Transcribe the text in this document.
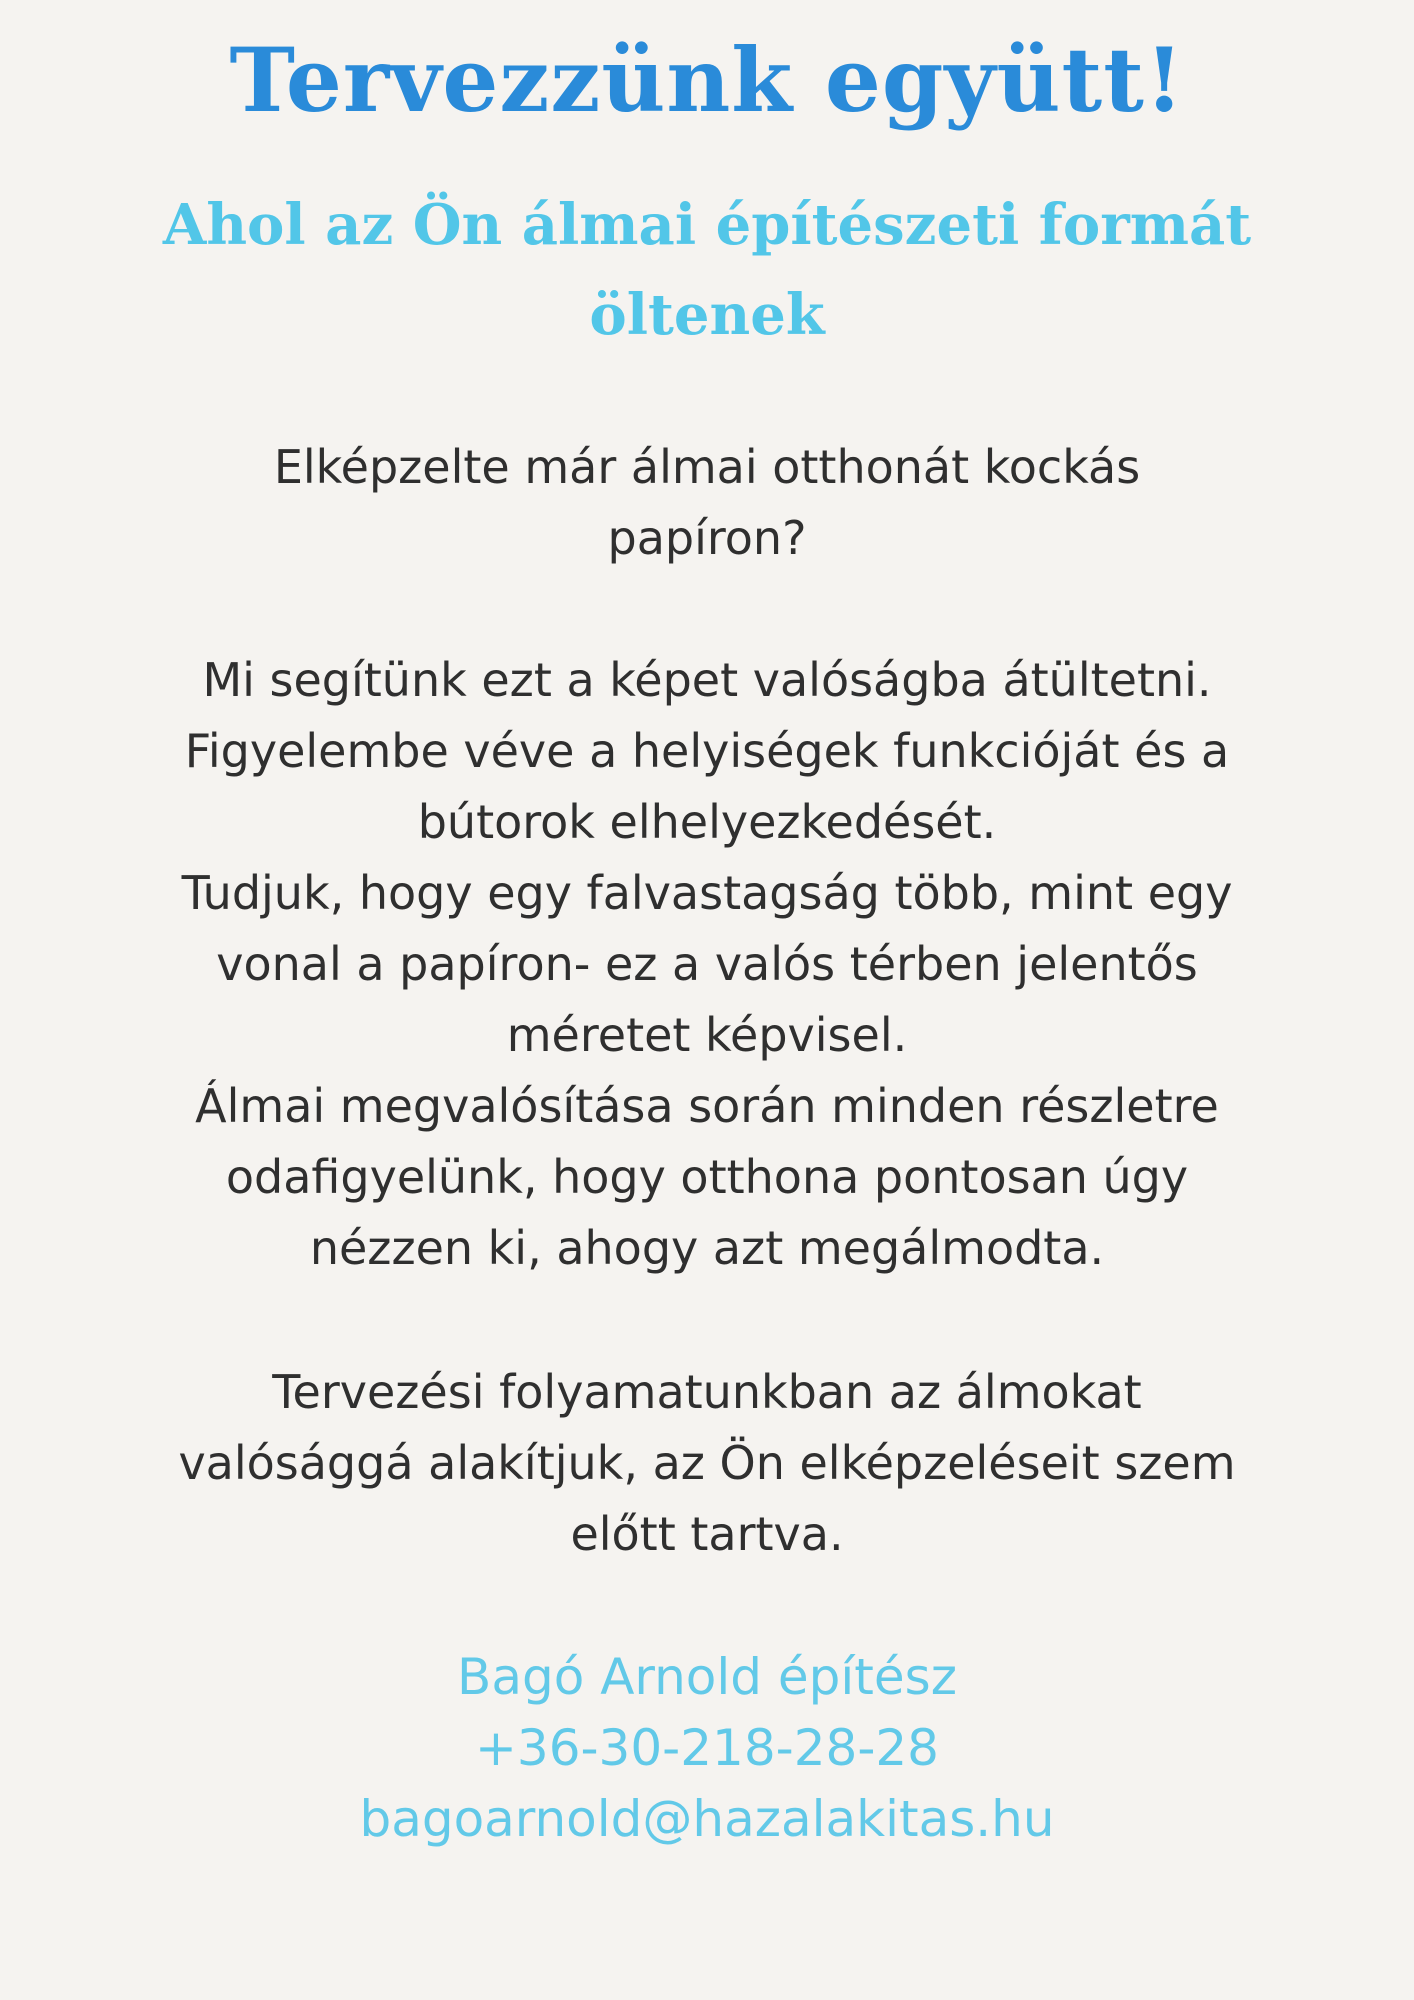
Tervezzünk együtt!
Ahol az Ön álmai építészeti formát
öltenek
Elképzelte már álmai otthonát kockás
papíron?
Mi segítünk ezt a képet valóságba átültetni.
Figyelembe véve a helyiségek funkcióját és a
bútorok elhelyezkedését.
Tudjuk, hogy egy falvastagság több, mint egy
vonal a papíron- ez a valós térben jelentős
méretet képvisel.
Álmai megvalósítása során minden részletre
odafigyelünk, hogy otthona pontosan úgy
nézzen ki, ahogy azt megálmodta.
Tervezési folyamatunkban az álmokat
valósággá alakítjuk, az Ön elképzeléseit szem
előtt tartva.
Bagó Arnold építész
+36-30-218-28-28
bagoarnold@hazalakitas.hu
